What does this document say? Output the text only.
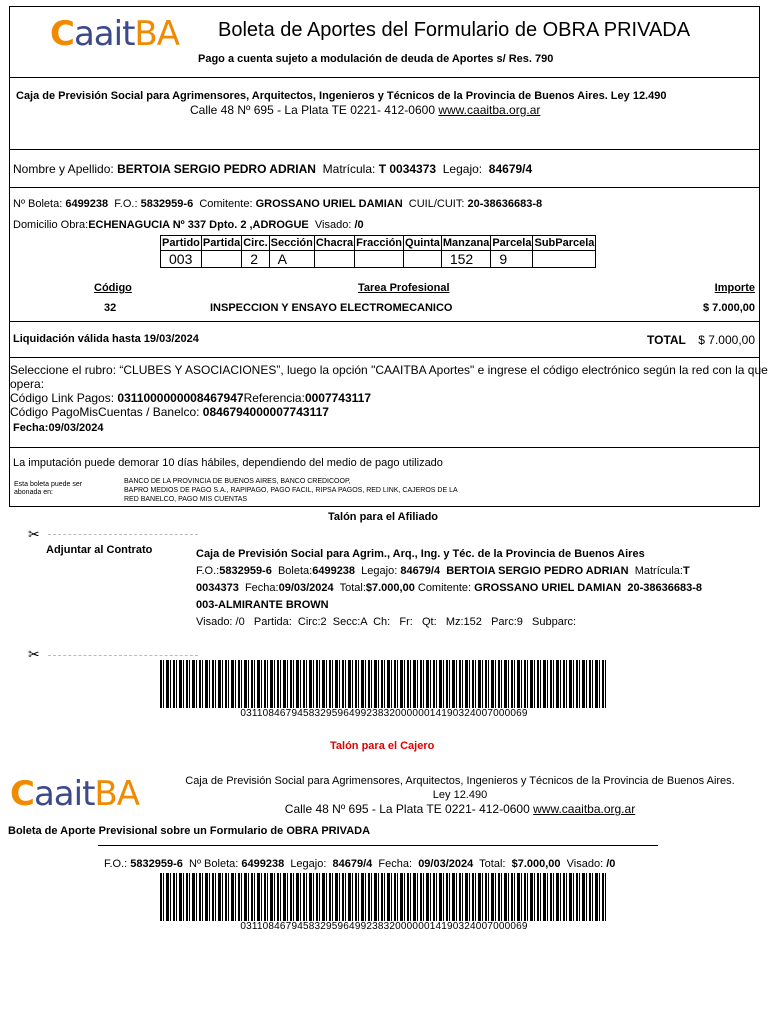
CaaitBA Boleta de Aportes del Formulario de OBRA PRIVADA
Pago a cuenta sujeto a modulación de deuda de Aportes s/ Res. 790
Caja de Previsión Social para Agrimensores, Arquitectos, Ingenieros y Técnicos de la Provincia de Buenos Aires. Ley 12.490
Calle 48 Nº 695 - La Plata TE 0221- 412-0600 www.caaitba.org.ar
Nombre y Apellido: BERTOIA SERGIO PEDRO ADRIAN Matrícula: T 0034373 Legajo: 84679/4
Nº Boleta: 6499238 F.O.: 5832959-6 Comitente: GROSSANO URIEL DAMIAN CUIL/CUIT: 20-38636683-8
Domicilio Obra:ECHENAGUCIA Nº 337 Dpto. 2 ,ADROGUE Visado: /0
Partido	Partida	Circ.	Sección	Chacra	Fracción	Quinta	Manzana	Parcela	SubParcela
003		2	A				152	9	
Código	Tarea Profesional	Importe
32	INSPECCION Y ENSAYO ELECTROMECANICO	$ 7.000,00
Liquidación válida hasta 19/03/2024	TOTAL $ 7.000,00
Seleccione el rubro: “CLUBES Y ASOCIACIONES”, luego la opción "CAAITBA Aportes" e ingrese el código electrónico según la red con la que
opera:
Código Link Pagos: 0311000000008467947Referencia:0007743117
Código PagoMisCuentas / Banelco: 0846794000007743117
Fecha:09/03/2024
La imputación puede demorar 10 días hábiles, dependiendo del medio de pago utilizado
Esta boleta puede ser
abonada en:
BANCO DE LA PROVINCIA DE BUENOS AIRES, BANCO CREDICOOP,
BAPRO MEDIOS DE PAGO S.A., RAPIPAGO, PAGO FACIL, RIPSA PAGOS, RED LINK, CAJEROS DE LA
RED BANELCO, PAGO MIS CUENTAS
Talón para el Afiliado
✂
Adjuntar al Contrato	Caja de Previsión Social para Agrim., Arq., Ing. y Téc. de la Provincia de Buenos Aires
F.O.:5832959-6 Boleta:6499238 Legajo: 84679/4 BERTOIA SERGIO PEDRO ADRIAN Matrícula:T
0034373 Fecha:09/03/2024 Total:$7.000,00 Comitente: GROSSANO URIEL DAMIAN 20-38636683-8
003-ALMIRANTE BROWN
Visado: /0   Partida:  Circ:2  Secc:A  Ch:   Fr:   Qt:   Mz:152   Parc:9   Subparc:
✂
03110846794583295964992383200000014190324007000069
Talón para el Cajero
CaaitBA	Caja de Previsión Social para Agrimensores, Arquitectos, Ingenieros y Técnicos de la Provincia de Buenos Aires.
Ley 12.490
Calle 48 Nº 695 - La Plata TE 0221- 412-0600 www.caaitba.org.ar
Boleta de Aporte Previsional sobre un Formulario de OBRA PRIVADA
F.O.: 5832959-6 Nº Boleta: 6499238 Legajo: 84679/4 Fecha: 09/03/2024 Total: $7.000,00 Visado: /0
03110846794583295964992383200000014190324007000069
